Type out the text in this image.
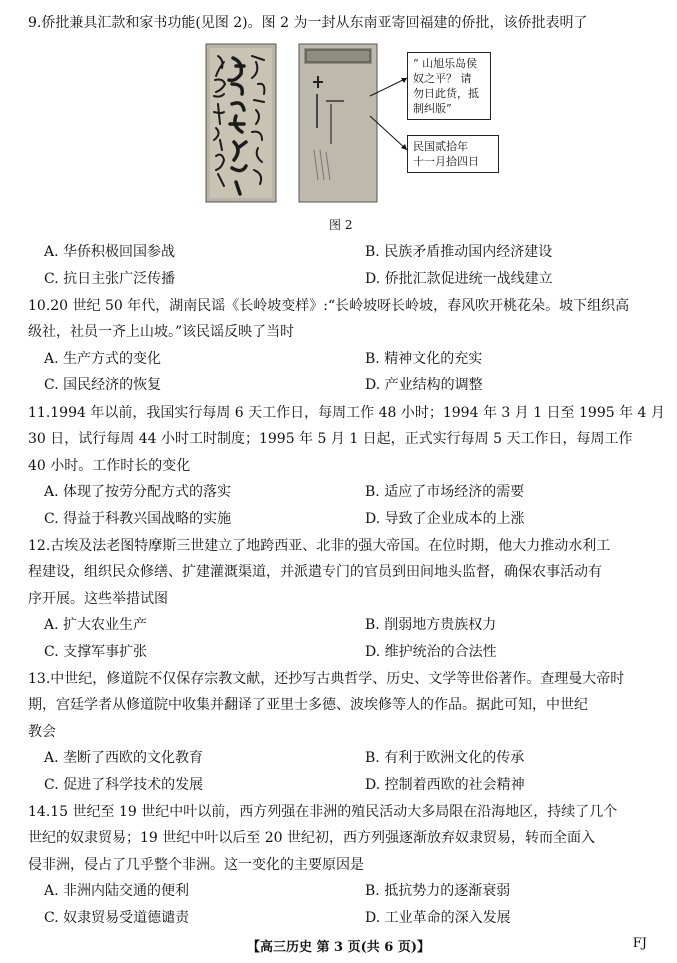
9.侨批兼具汇款和家书功能(见图 2)。图 2 为一封从东南亚寄回福建的侨批，该侨批表明了
“ 山旭乐岛侯
奴之平？ 请
勿日此货，抵
制纠版”
民国贰拾年
十一月拾四日
图 2
A. 华侨积极回国参战	B. 民族矛盾推动国内经济建设
C. 抗日主张广泛传播	D. 侨批汇款促进统一战线建立
10.20 世纪 50 年代，湖南民谣《长岭坡变样》:“长岭坡呀长岭坡，春风吹开桃花朵。坡下组织高
级社，社员一齐上山坡。”该民谣反映了当时
A. 生产方式的变化	B. 精神文化的充实
C. 国民经济的恢复	D. 产业结构的调整
11.1994 年以前，我国实行每周 6 天工作日，每周工作 48 小时；1994 年 3 月 1 日至 1995 年 4 月
30 日，试行每周 44 小时工时制度；1995 年 5 月 1 日起，正式实行每周 5 天工作日，每周工作
40 小时。工作时长的变化
A. 体现了按劳分配方式的落实	B. 适应了市场经济的需要
C. 得益于科教兴国战略的实施	D. 导致了企业成本的上涨
12.古埃及法老图特摩斯三世建立了地跨西亚、北非的强大帝国。在位时期，他大力推动水利工
程建设，组织民众修缮、扩建灌溉渠道，并派遣专门的官员到田间地头监督，确保农事活动有
序开展。这些举措试图
A. 扩大农业生产	B. 削弱地方贵族权力
C. 支撑军事扩张	D. 维护统治的合法性
13.中世纪，修道院不仅保存宗教文献，还抄写古典哲学、历史、文学等世俗著作。查理曼大帝时
期，宫廷学者从修道院中收集并翻译了亚里士多德、波埃修等人的作品。据此可知，中世纪
教会
A. 垄断了西欧的文化教育	B. 有利于欧洲文化的传承
C. 促进了科学技术的发展	D. 控制着西欧的社会精神
14.15 世纪至 19 世纪中叶以前，西方列强在非洲的殖民活动大多局限在沿海地区，持续了几个
世纪的奴隶贸易；19 世纪中叶以后至 20 世纪初，西方列强逐渐放弃奴隶贸易，转而全面入
侵非洲，侵占了几乎整个非洲。这一变化的主要原因是
A. 非洲内陆交通的便利	B. 抵抗势力的逐渐衰弱
C. 奴隶贸易受道德谴责	D. 工业革命的深入发展
【高三历史 第 3 页(共 6 页)】	FJ
